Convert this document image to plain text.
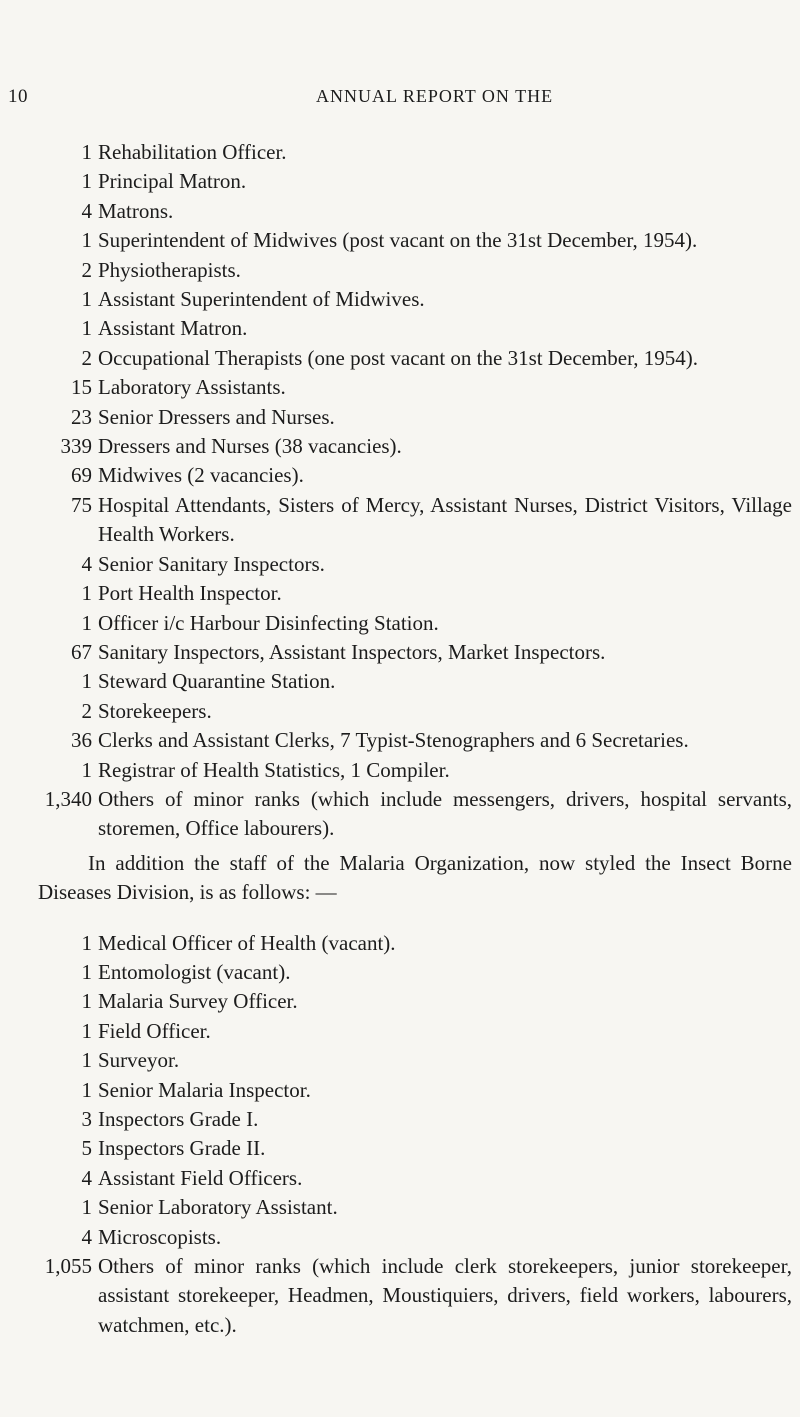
10	ANNUAL REPORT ON THE
1 Rehabilitation Officer.
1 Principal Matron.
4 Matrons.
1 Superintendent of Midwives (post vacant on the 31st December, 1954).
2 Physiotherapists.
1 Assistant Superintendent of Midwives.
1 Assistant Matron.
2 Occupational Therapists (one post vacant on the 31st December, 1954).
15 Laboratory Assistants.
23 Senior Dressers and Nurses.
339 Dressers and Nurses (38 vacancies).
69 Midwives (2 vacancies).
75 Hospital Attendants, Sisters of Mercy, Assistant Nurses, District Visitors, Village Health Workers.
4 Senior Sanitary Inspectors.
1 Port Health Inspector.
1 Officer i/c Harbour Disinfecting Station.
67 Sanitary Inspectors, Assistant Inspectors, Market Inspectors.
1 Steward Quarantine Station.
2 Storekeepers.
36 Clerks and Assistant Clerks, 7 Typist-Stenographers and 6 Secretaries.
1 Registrar of Health Statistics, 1 Compiler.
1,340 Others of minor ranks (which include messengers, drivers, hospital servants, storemen, Office labourers).

In addition the staff of the Malaria Organization, now styled the Insect Borne Diseases Division, is as follows: —

1 Medical Officer of Health (vacant).
1 Entomologist (vacant).
1 Malaria Survey Officer.
1 Field Officer.
1 Surveyor.
1 Senior Malaria Inspector.
3 Inspectors Grade I.
5 Inspectors Grade II.
4 Assistant Field Officers.
1 Senior Laboratory Assistant.
4 Microscopists.
1,055 Others of minor ranks (which include clerk storekeepers, junior storekeeper, assistant storekeeper, Headmen, Moustiquiers, drivers, field workers, labourers, watchmen, etc.).
